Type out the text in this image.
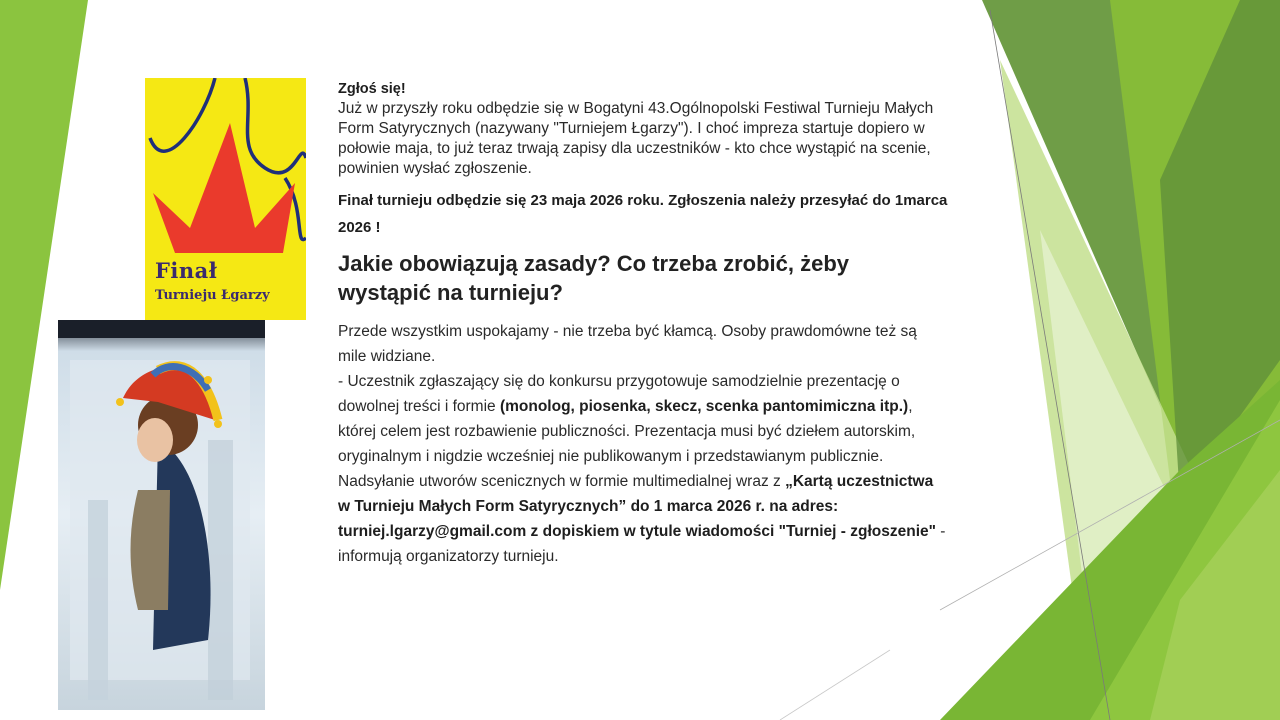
Finał

Turnieju Łgarzy

Zgłoś się!

Już w przyszły roku odbędzie się w Bogatyni 43.Ogólnopolski Festiwal Turnieju Małych Form Satyrycznych (nazywany "Turniejem Łgarzy"). I choć impreza startuje dopiero w połowie maja, to już teraz trwają zapisy dla uczestników - kto chce wystąpić na scenie, powinien wysłać zgłoszenie.

Finał turnieju odbędzie się 23 maja 2026 roku. Zgłoszenia należy przesyłać do 1marca 2026 !

Jakie obowiązują zasady? Co trzeba zrobić, żeby wystąpić na turnieju?

Przede wszystkim uspokajamy - nie trzeba być kłamcą. Osoby prawdomówne też są mile widziane.
- Uczestnik zgłaszający się do konkursu przygotowuje samodzielnie prezentację o dowolnej treści i formie (monolog, piosenka, skecz, scenka pantomimiczna itp.), której celem jest rozbawienie publiczności. Prezentacja musi być dziełem autorskim, oryginalnym i nigdzie wcześniej nie publikowanym i przedstawianym publicznie. Nadsyłanie utworów scenicznych w formie multimedialnej wraz z „Kartą uczestnictwa w Turnieju Małych Form Satyrycznych” do 1 marca 2026 r. na adres: turniej.lgarzy@gmail.com z dopiskiem w tytule wiadomości "Turniej - zgłoszenie" - informują organizatorzy turnieju.
